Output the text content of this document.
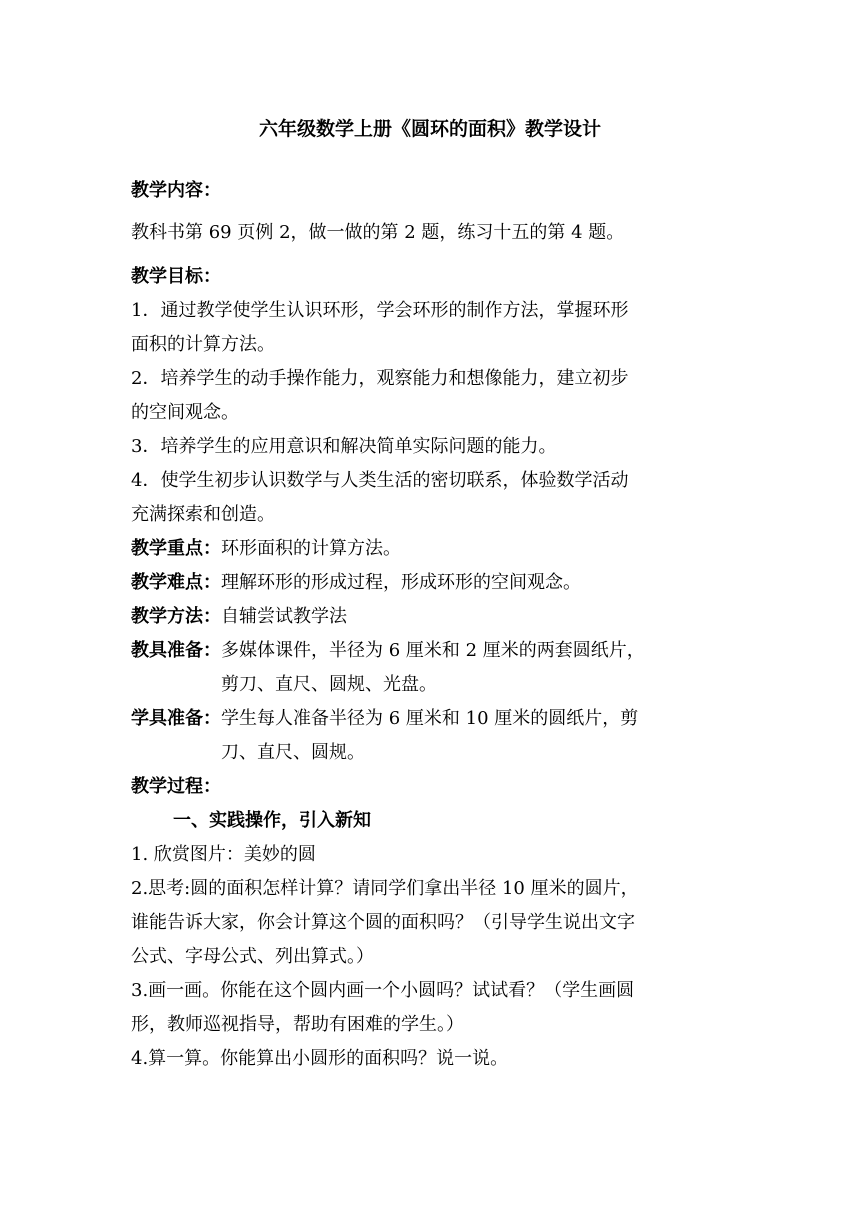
六年级数学上册《圆环的面积》教学设计
教学内容：
教科书第 69 页例 2，做一做的第 2 题，练习十五的第 4 题。
教学目标：
1．通过教学使学生认识环形，学会环形的制作方法，掌握环形
面积的计算方法。
2．培养学生的动手操作能力，观察能力和想像能力，建立初步
的空间观念。
3．培养学生的应用意识和解决简单实际问题的能力。
4．使学生初步认识数学与人类生活的密切联系，体验数学活动
充满探索和创造。
教学重点： 环形面积的计算方法。
教学难点： 理解环形的形成过程，形成环形的空间观念。
教学方法： 自辅尝试教学法
教具准备： 多媒体课件，半径为 6 厘米和 2 厘米的两套圆纸片，
剪刀、直尺、圆规、光盘。
学具准备： 学生每人准备半径为 6 厘米和 10 厘米的圆纸片，剪
刀、直尺、圆规。
教学过程：
一、实践操作，引入新知
1. 欣赏图片：美妙的圆
2.思考:圆的面积怎样计算？请同学们拿出半径 10 厘米的圆片，
谁能告诉大家，你会计算这个圆的面积吗？（引导学生说出文字
公式、字母公式、列出算式。）
3.画一画。你能在这个圆内画一个小圆吗？试试看？（学生画圆
形，教师巡视指导，帮助有困难的学生。）
4.算一算。你能算出小圆形的面积吗？说一说。
